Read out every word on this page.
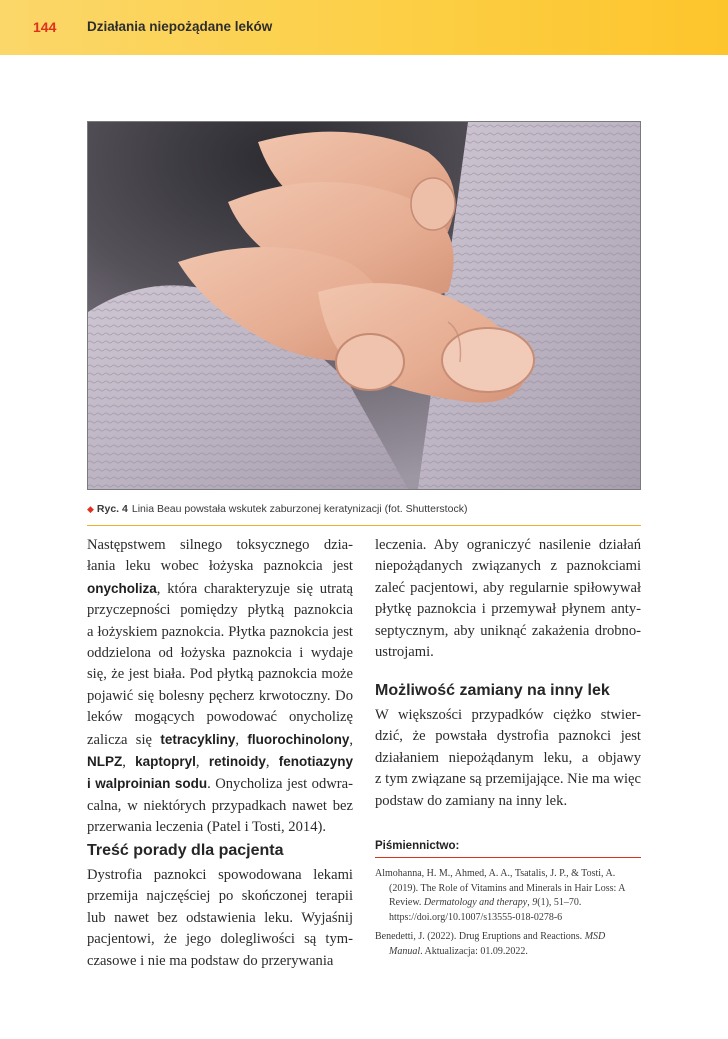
144 Działania niepożądane leków
◆ Ryc. 4 Linia Beau powstała wskutek zaburzonej keratynizacji (fot. Shutterstock)

Następstwem silnego toksycznego dzia-
łania leku wobec łożyska paznokcia jest
onycholiza, która charakteryzuje się utratą
przyczepności pomiędzy płytką paznokcia
a łożyskiem paznokcia. Płytka paznokcia jest
oddzielona od łożyska paznokcia i wydaje
się, że jest biała. Pod płytką paznokcia może
pojawić się bolesny pęcherz krwotoczny. Do
leków mogących powodować onycholizę
zalicza się tetracykliny, fluorochinolony,
NLPZ, kaptopryl, retinoidy, fenotiazyny
i walproinian sodu. Onycholiza jest odwra-
calna, w niektórych przypadkach nawet bez
przerwania leczenia (Patel i Tosti, 2014).

Treść porady dla pacjenta

Dystrofia paznokci spowodowana lekami
przemija najczęściej po skończonej terapii
lub nawet bez odstawienia leku. Wyjaśnij
pacjentowi, że jego dolegliwości są tym-
czasowe i nie ma podstaw do przerywania

leczenia. Aby ograniczyć nasilenie działań
niepożądanych związanych z paznokciami
zaleć pacjentowi, aby regularnie spiłowywał
płytkę paznokcia i przemywał płynem anty-
septycznym, aby uniknąć zakażenia drobno-
ustrojami.

Możliwość zamiany na inny lek

W większości przypadków ciężko stwier-
dzić, że powstała dystrofia paznokci jest
działaniem niepożądanym leku, a objawy
z tym związane są przemijające. Nie ma więc
podstaw do zamiany na inny lek.

Piśmiennictwo:

Almohanna, H. M., Ahmed, A. A., Tsatalis, J. P., & Tosti, A. (2019). The Role of Vitamins and Minerals in Hair Loss: A Review. Dermatology and therapy, 9(1), 51–70. https://doi.org/10.1007/s13555-018-0278-6

Benedetti, J. (2022). Drug Eruptions and Reactions. MSD Manual. Aktualizacja: 01.09.2022.
